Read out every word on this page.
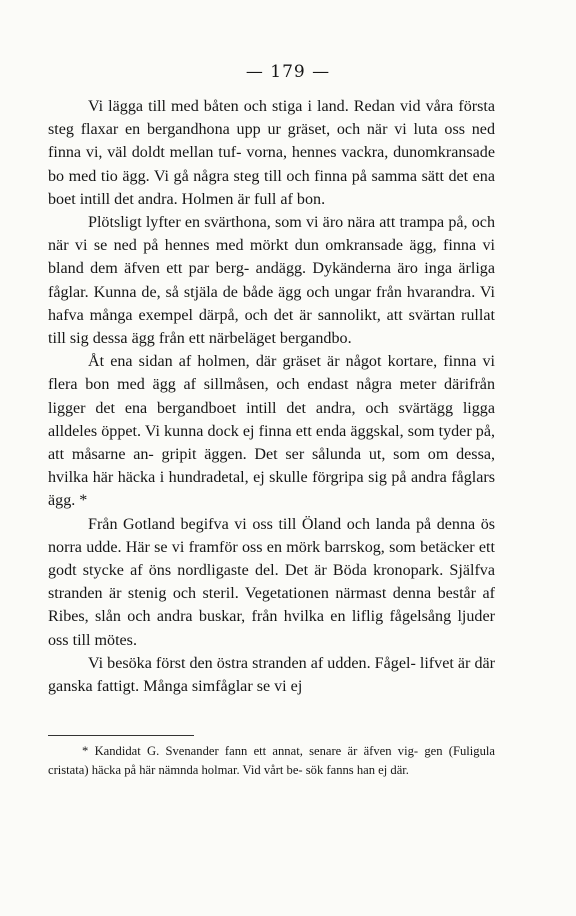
— 179 —

Vi lägga till med båten och stiga i land. Redan vid våra första steg flaxar en bergandhona upp ur gräset, och när vi luta oss ned finna vi, väl doldt mellan tuf- vorna, hennes vackra, dunomkransade bo med tio ägg. Vi gå några steg till och finna på samma sätt det ena boet intill det andra. Holmen är full af bon.

Plötsligt lyfter en svärthona, som vi äro nära att trampa på, och när vi se ned på hennes med mörkt dun omkransade ägg, finna vi bland dem äfven ett par berg- andägg. Dykänderna äro inga ärliga fåglar. Kunna de, så stjäla de både ägg och ungar från hvarandra. Vi hafva många exempel därpå, och det är sannolikt, att svärtan rullat till sig dessa ägg från ett närbeläget bergandbo.

Åt ena sidan af holmen, där gräset är något kortare, finna vi flera bon med ägg af sillmåsen, och endast några meter därifrån ligger det ena bergandboet intill det andra, och svärtägg ligga alldeles öppet. Vi kunna dock ej finna ett enda äggskal, som tyder på, att måsarne an- gripit äggen. Det ser sålunda ut, som om dessa, hvilka här häcka i hundradetal, ej skulle förgripa sig på andra fåglars ägg. *

Från Gotland begifva vi oss till Öland och landa på denna ös norra udde. Här se vi framför oss en mörk barrskog, som betäcker ett godt stycke af öns nordligaste del. Det är Böda kronopark. Själfva stranden är stenig och steril. Vegetationen närmast denna består af Ribes, slån och andra buskar, från hvilka en liflig fågelsång ljuder oss till mötes.

Vi besöka först den östra stranden af udden. Fågel- lifvet är där ganska fattigt. Många simfåglar se vi ej

* Kandidat G. Svenander fann ett annat, senare är äfven vig- gen (Fuligula cristata) häcka på här nämnda holmar. Vid vårt be- sök fanns han ej där.
